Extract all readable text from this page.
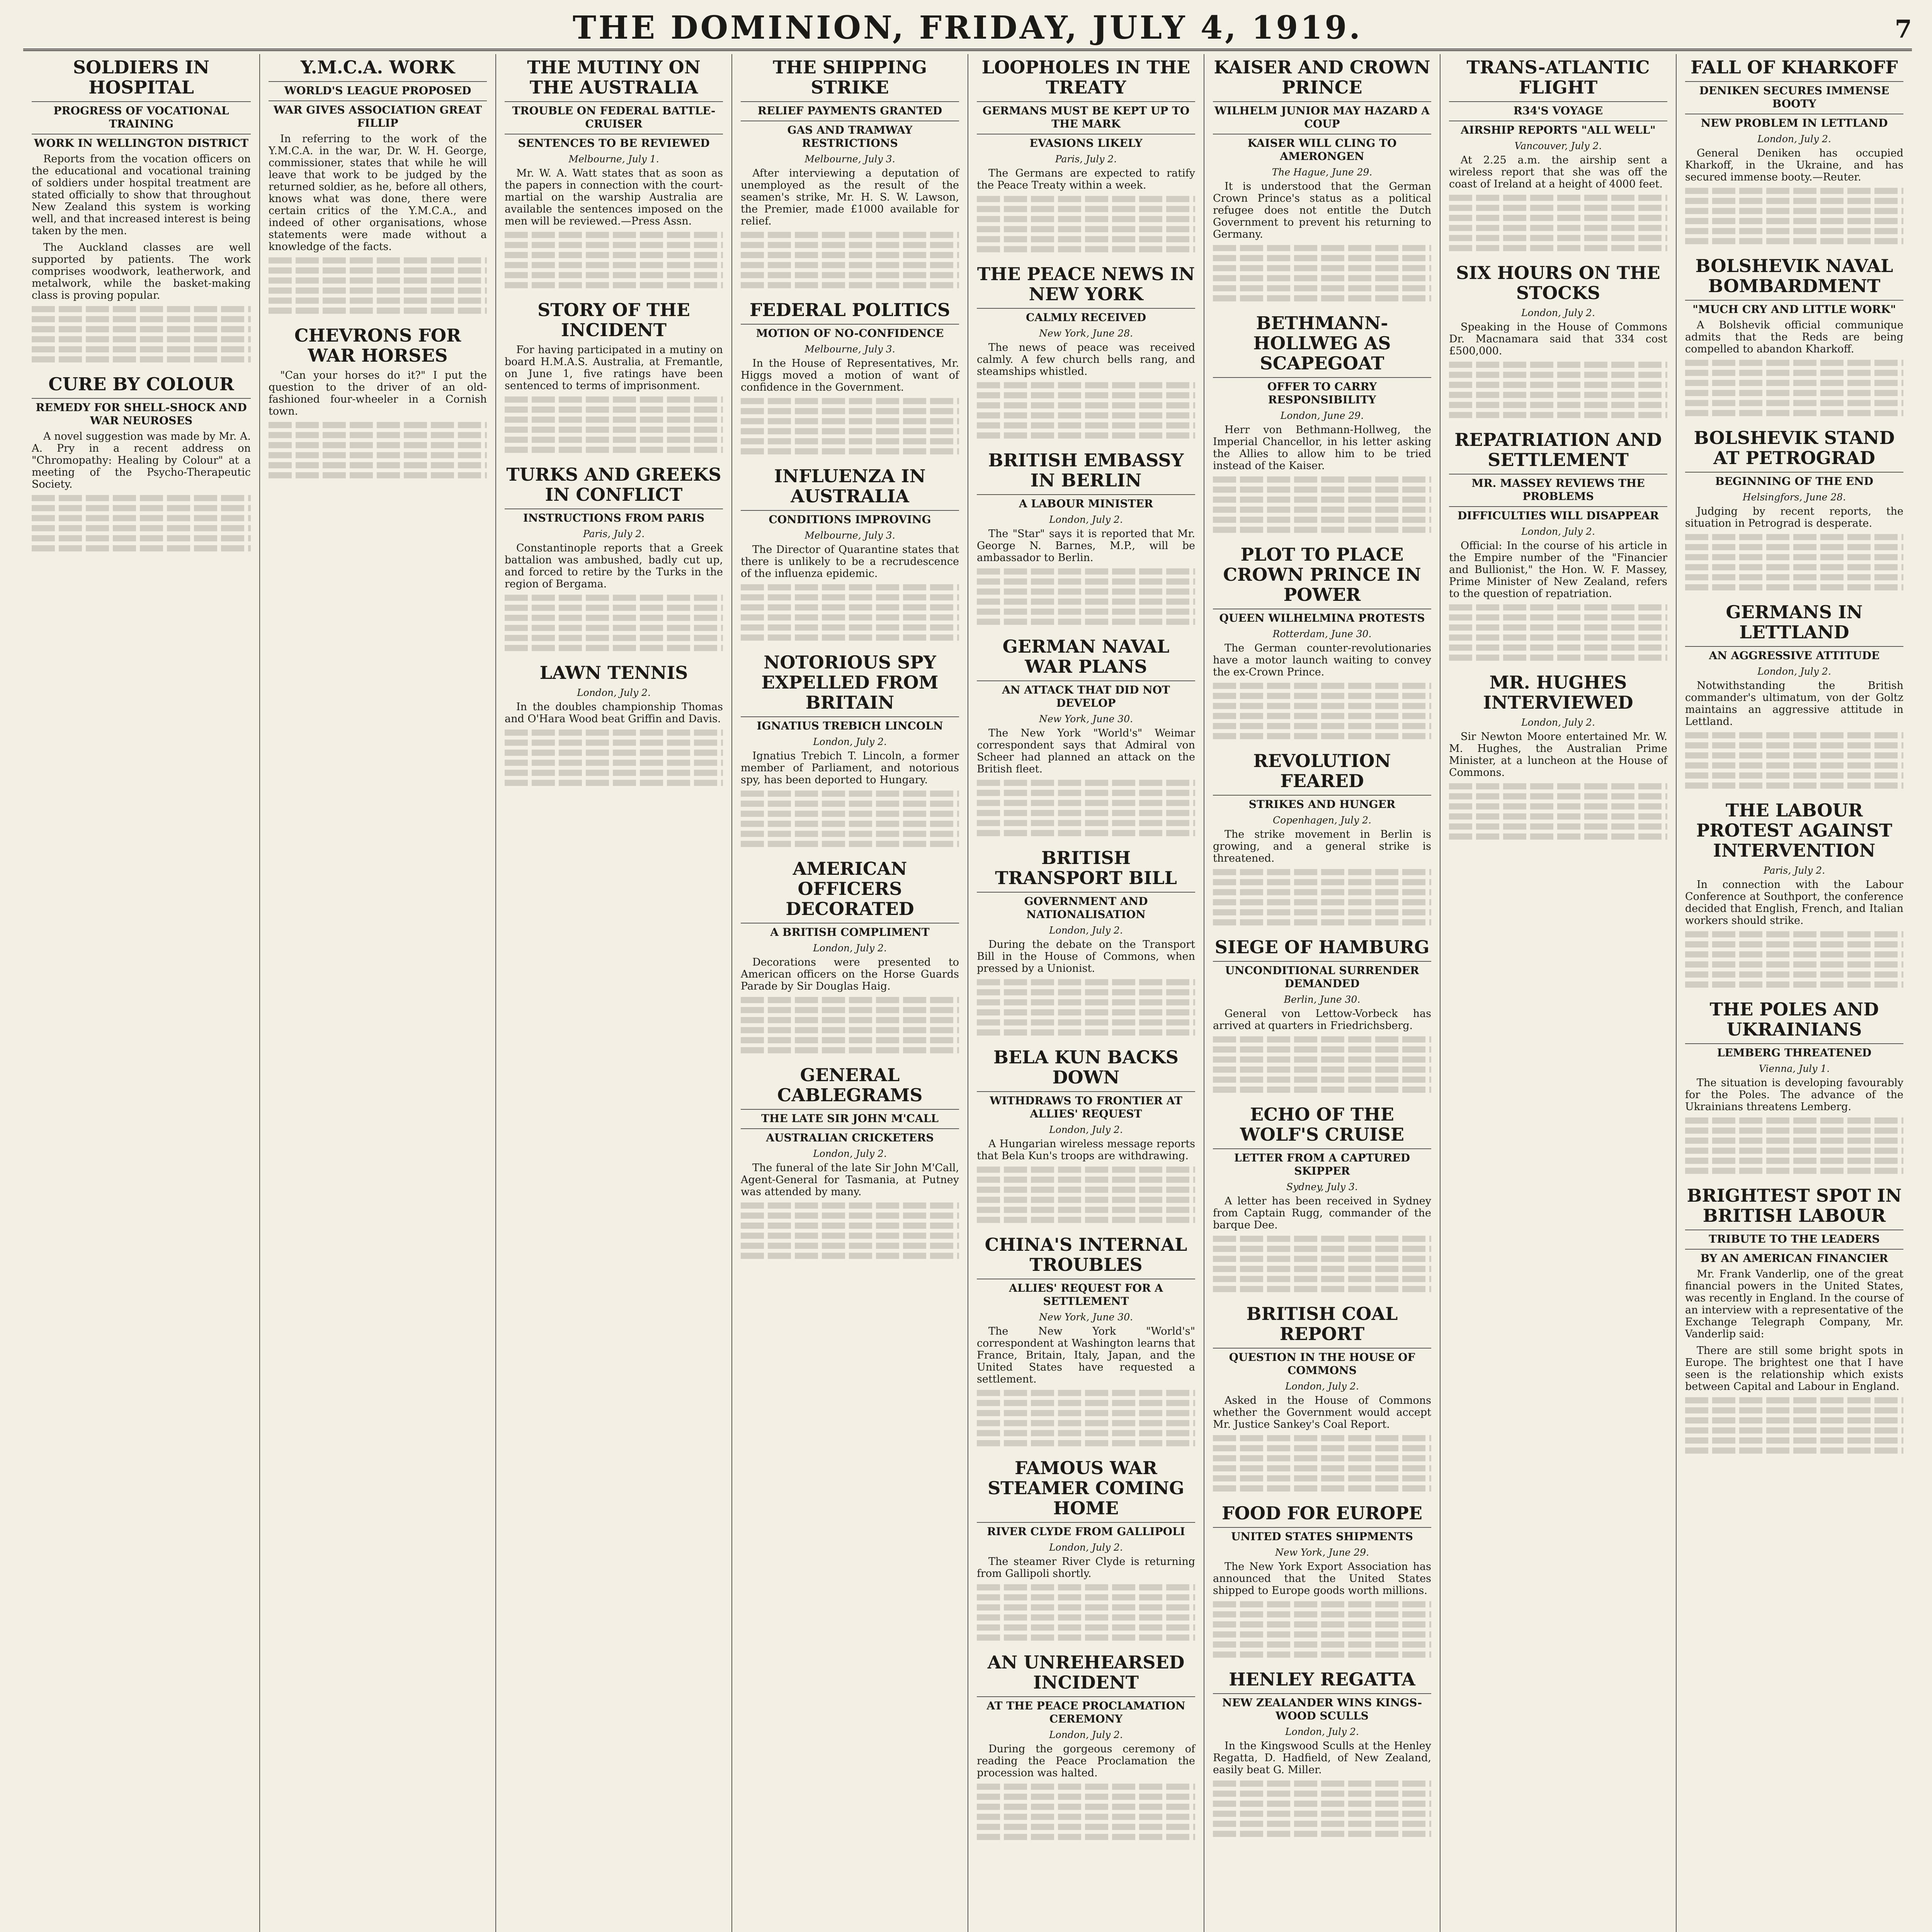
THE DOMINION, FRIDAY, JULY 4, 1919.	7
SOLDIERS IN HOSPITAL
PROGRESS OF VOCATIONAL TRAINING
WORK IN WELLINGTON DISTRICT

Reports from the vocation officers on the educational and vocational training of soldiers under hospital treatment are stated officially to show that throughout New Zealand this system is working well, and that increased interest is being taken by the men.

The Auckland classes are well supported by patients. The work comprises woodwork, leatherwork, and metalwork, while the basket-making class is proving popular.

CURE BY COLOUR
REMEDY FOR SHELL-SHOCK AND WAR NEUROSES

A novel suggestion was made by Mr. A. A. Pry in a recent address on "Chromopathy: Healing by Colour" at a meeting of the Psycho-Therapeutic Society.

Y.M.C.A. WORK
WORLD'S LEAGUE PROPOSED
WAR GIVES ASSOCIATION GREAT FILLIP

In referring to the work of the Y.M.C.A. in the war, Dr. W. H. George, commissioner, states that while he will leave that work to be judged by the returned soldier, as he, before all others, knows what was done, there were certain critics of the Y.M.C.A., and indeed of other organisations, whose statements were made without a knowledge of the facts.

CHEVRONS FOR WAR HORSES

"Can your horses do it?" I put the question to the driver of an old-fashioned four-wheeler in a Cornish town.

THE MUTINY ON THE AUSTRALIA
TROUBLE ON FEDERAL BATTLE-CRUISER
SENTENCES TO BE REVIEWED
Melbourne, July 1.

Mr. W. A. Watt states that as soon as the papers in connection with the court-martial on the warship Australia are available the sentences imposed on the men will be reviewed.—Press Assn.

STORY OF THE INCIDENT

For having participated in a mutiny on board H.M.A.S. Australia, at Fremantle, on June 1, five ratings have been sentenced to terms of imprisonment.

TURKS AND GREEKS IN CONFLICT
INSTRUCTIONS FROM PARIS
Paris, July 2.

Constantinople reports that a Greek battalion was ambushed, badly cut up, and forced to retire by the Turks in the region of Bergama.

LAWN TENNIS
London, July 2.

In the doubles championship Thomas and O'Hara Wood beat Griffin and Davis.

THE SHIPPING STRIKE
RELIEF PAYMENTS GRANTED
GAS AND TRAMWAY RESTRICTIONS
Melbourne, July 3.

After interviewing a deputation of unemployed as the result of the seamen's strike, Mr. H. S. W. Lawson, the Premier, made £1000 available for relief.

FEDERAL POLITICS
MOTION OF NO-CONFIDENCE
Melbourne, July 3.

In the House of Representatives, Mr. Higgs moved a motion of want of confidence in the Government.

INFLUENZA IN AUSTRALIA
CONDITIONS IMPROVING
Melbourne, July 3.

The Director of Quarantine states that there is unlikely to be a recrudescence of the influenza epidemic.

NOTORIOUS SPY EXPELLED FROM BRITAIN
IGNATIUS TREBICH LINCOLN
London, July 2.

Ignatius Trebich T. Lincoln, a former member of Parliament, and notorious spy, has been deported to Hungary.

AMERICAN OFFICERS DECORATED
A BRITISH COMPLIMENT
London, July 2.

Decorations were presented to American officers on the Horse Guards Parade by Sir Douglas Haig.

GENERAL CABLEGRAMS
THE LATE SIR JOHN M'CALL
AUSTRALIAN CRICKETERS
London, July 2.

The funeral of the late Sir John M'Call, Agent-General for Tasmania, at Putney was attended by many.

LOOPHOLES IN THE TREATY
GERMANS MUST BE KEPT UP TO THE MARK
EVASIONS LIKELY
Paris, July 2.

The Germans are expected to ratify the Peace Treaty within a week.

THE PEACE NEWS IN NEW YORK
CALMLY RECEIVED
New York, June 28.

The news of peace was received calmly. A few church bells rang, and steamships whistled.

BRITISH EMBASSY IN BERLIN
A LABOUR MINISTER
London, July 2.

The "Star" says it is reported that Mr. George N. Barnes, M.P., will be ambassador to Berlin.

GERMAN NAVAL WAR PLANS
AN ATTACK THAT DID NOT DEVELOP
New York, June 30.

The New York "World's" Weimar correspondent says that Admiral von Scheer had planned an attack on the British fleet.

BRITISH TRANSPORT BILL
GOVERNMENT AND NATIONALISATION
London, July 2.

During the debate on the Transport Bill in the House of Commons, when pressed by a Unionist.

BELA KUN BACKS DOWN
WITHDRAWS TO FRONTIER AT ALLIES' REQUEST
London, July 2.

A Hungarian wireless message reports that Bela Kun's troops are withdrawing.

CHINA'S INTERNAL TROUBLES
ALLIES' REQUEST FOR A SETTLEMENT
New York, June 30.

The New York "World's" correspondent at Washington learns that France, Britain, Italy, Japan, and the United States have requested a settlement.

FAMOUS WAR STEAMER COMING HOME
RIVER CLYDE FROM GALLIPOLI
London, July 2.

The steamer River Clyde is returning from Gallipoli shortly.

AN UNREHEARSED INCIDENT
AT THE PEACE PROCLAMATION CEREMONY
London, July 2.

During the gorgeous ceremony of reading the Peace Proclamation the procession was halted.

KAISER AND CROWN PRINCE
WILHELM JUNIOR MAY HAZARD A COUP
KAISER WILL CLING TO AMERONGEN
The Hague, June 29.

It is understood that the German Crown Prince's status as a political refugee does not entitle the Dutch Government to prevent his returning to Germany.

BETHMANN-HOLLWEG AS SCAPEGOAT
OFFER TO CARRY RESPONSIBILITY
London, June 29.

Herr von Bethmann-Hollweg, the Imperial Chancellor, in his letter asking the Allies to allow him to be tried instead of the Kaiser.

PLOT TO PLACE CROWN PRINCE IN POWER
QUEEN WILHELMINA PROTESTS
Rotterdam, June 30.

The German counter-revolutionaries have a motor launch waiting to convey the ex-Crown Prince.

REVOLUTION FEARED
STRIKES AND HUNGER
Copenhagen, July 2.

The strike movement in Berlin is growing, and a general strike is threatened.

SIEGE OF HAMBURG
UNCONDITIONAL SURRENDER DEMANDED
Berlin, June 30.

General von Lettow-Vorbeck has arrived at quarters in Friedrichsberg.

ECHO OF THE WOLF'S CRUISE
LETTER FROM A CAPTURED SKIPPER
Sydney, July 3.

A letter has been received in Sydney from Captain Rugg, commander of the barque Dee.

BRITISH COAL REPORT
QUESTION IN THE HOUSE OF COMMONS
London, July 2.

Asked in the House of Commons whether the Government would accept Mr. Justice Sankey's Coal Report.

FOOD FOR EUROPE
UNITED STATES SHIPMENTS
New York, June 29.

The New York Export Association has announced that the United States shipped to Europe goods worth millions.

HENLEY REGATTA
NEW ZEALANDER WINS KINGS-WOOD SCULLS
London, July 2.

In the Kingswood Sculls at the Henley Regatta, D. Hadfield, of New Zealand, easily beat G. Miller.

TRANS-ATLANTIC FLIGHT
R34'S VOYAGE
AIRSHIP REPORTS "ALL WELL"
Vancouver, July 2.

At 2.25 a.m. the airship sent a wireless report that she was off the coast of Ireland at a height of 4000 feet.

SIX HOURS ON THE STOCKS
London, July 2.

Speaking in the House of Commons Dr. Macnamara said that 334 cost £500,000.

REPATRIATION AND SETTLEMENT
MR. MASSEY REVIEWS THE PROBLEMS
DIFFICULTIES WILL DISAPPEAR
London, July 2.

Official: In the course of his article in the Empire number of the "Financier and Bullionist," the Hon. W. F. Massey, Prime Minister of New Zealand, refers to the question of repatriation.

MR. HUGHES INTERVIEWED
London, July 2.

Sir Newton Moore entertained Mr. W. M. Hughes, the Australian Prime Minister, at a luncheon at the House of Commons.

FALL OF KHARKOFF
DENIKEN SECURES IMMENSE BOOTY
NEW PROBLEM IN LETTLAND
London, July 2.

General Deniken has occupied Kharkoff, in the Ukraine, and has secured immense booty.—Reuter.

BOLSHEVIK NAVAL BOMBARDMENT
"MUCH CRY AND LITTLE WORK"

A Bolshevik official communique admits that the Reds are being compelled to abandon Kharkoff.

BOLSHEVIK STAND AT PETROGRAD
BEGINNING OF THE END
Helsingfors, June 28.

Judging by recent reports, the situation in Petrograd is desperate.

GERMANS IN LETTLAND
AN AGGRESSIVE ATTITUDE
London, July 2.

Notwithstanding the British commander's ultimatum, von der Goltz maintains an aggressive attitude in Lettland.

THE LABOUR PROTEST AGAINST INTERVENTION
Paris, July 2.

In connection with the Labour Conference at Southport, the conference decided that English, French, and Italian workers should strike.

THE POLES AND UKRAINIANS
LEMBERG THREATENED
Vienna, July 1.

The situation is developing favourably for the Poles. The advance of the Ukrainians threatens Lemberg.

BRIGHTEST SPOT IN BRITISH LABOUR
TRIBUTE TO THE LEADERS
BY AN AMERICAN FINANCIER

Mr. Frank Vanderlip, one of the great financial powers in the United States, was recently in England. In the course of an interview with a representative of the Exchange Telegraph Company, Mr. Vanderlip said:

There are still some bright spots in Europe. The brightest one that I have seen is the relationship which exists between Capital and Labour in England.
